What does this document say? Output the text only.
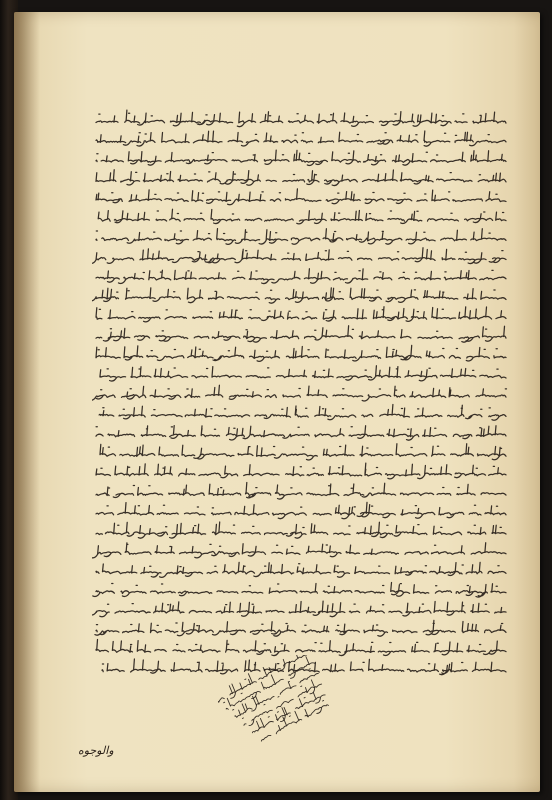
والوجوه
